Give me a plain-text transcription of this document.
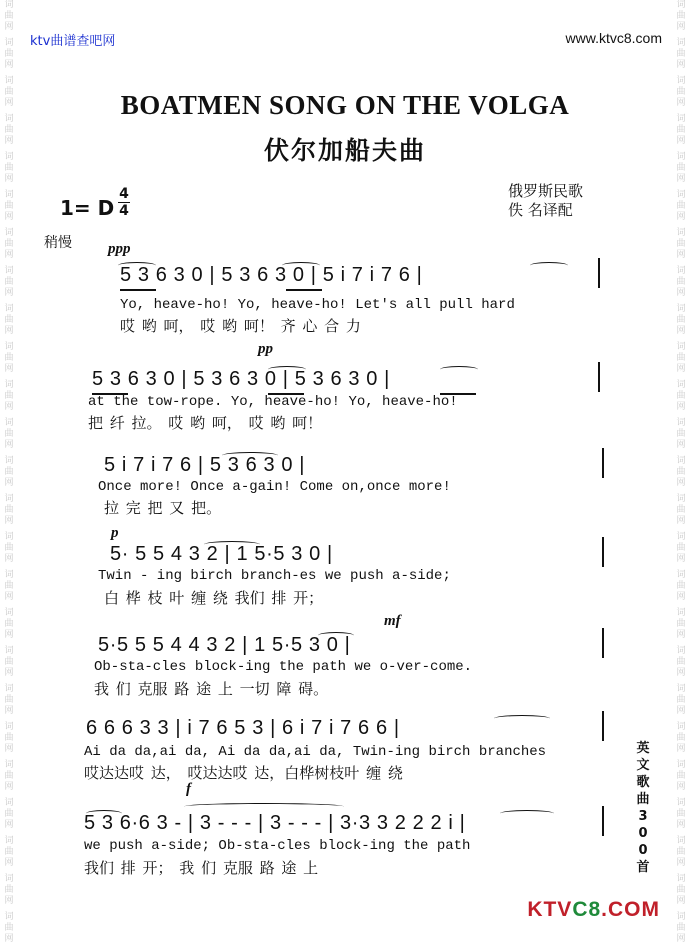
词
曲
网
词
曲
网
词
曲
网
词
曲
网
词
曲
网
词
曲
网
词
曲
网
词
曲
网
词
曲
网
词
曲
网
词
曲
网
词
曲
网
词
曲
网
词
曲
网
词
曲
网
词
曲
网
词
曲
网
词
曲
网
词
曲
网
词
曲
网
词
曲
网
词
曲
网
词
曲
网
词
曲
网
词
曲
网
词
曲
网
词
曲
网
词
曲
网
词
曲
网
词
曲
网
词
曲
网
词
曲
网
词
曲
网
词
曲
网
词
曲
网
词
曲
网
词
曲
网
词
曲
网
词
曲
网
词
曲
网
词
曲
网
词
曲
网
词
曲
网
词
曲
网
词
曲
网
词
曲
网
词
曲
网
词
曲
网
词
曲
网
词
曲
网
ktv曲谱查吧网	www.ktvc8.com
BOATMEN SONG ON THE VOLGA
伏尔加船夫曲
1= D
4
4
俄罗斯民歌
佚 名译配
稍慢 ppp
5 3 6 3 0 | 5 3 6 3 0 | 5 i 7 i 7 6 |
Yo, heave-ho! Yo, heave-ho! Let's all pull hard
哎 哟 呵， 哎 哟 呵！ 齐 心 合 力
pp
5 3 6 3 0 | 5 3 6 3 0 | 5 3 6 3 0 |
at the tow-rope. Yo, heave-ho! Yo, heave-ho!
把 纤 拉。 哎 哟 呵， 哎 哟 呵！
5 i 7 i 7 6 | 5 3 6 3 0 |
Once more! Once a-gain! Come on,once more!
拉 完 把 又 把。
p
5· 5 5 4 3 2 | 1 5·5 3 0 |
Twin - ing birch branch-es we push a-side;
白 桦 枝 叶 缠 绕 我们 排 开；
mf
5·5 5 5 4 4 3 2 | 1 5·5 3 0 |
Ob-sta-cles block-ing the path we o-ver-come.
我 们 克服 路 途 上 一切 障 碍。
6 6 6 3 3 | i 7 6 5 3 | 6 i 7 i 7 6 6 |
Ai da da,ai da, Ai da da,ai da, Twin-ing birch branches
哎达达哎 达， 哎达达哎 达，白桦树枝叶 缠 绕
f
5 3 6·6 3 - | 3 - - - | 3 - - - | 3·3 3 2 2 2 i |
we push a-side; Ob-sta-cles block-ing the path
我们 排 开； 我 们 克服 路 途 上
英
文
歌
曲
3
0
0
首
KTVC8.COM
